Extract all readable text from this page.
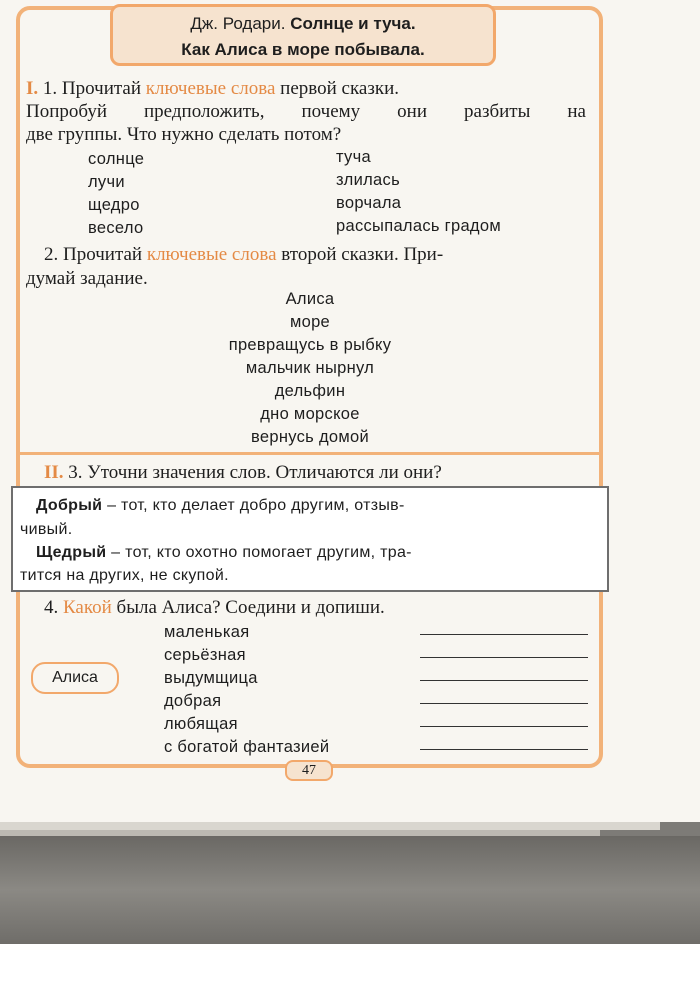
Дж. Родари. Солнце и туча.
Как Алиса в море побывала.
I. 1. Прочитай ключевые слова первой сказки.
Попробуй предположить, почему они разбиты на
две группы. Что нужно сделать потом?
солнце
лучи
щедро
весело
туча
злилась
ворчала
рассыпалась градом
2. Прочитай ключевые слова второй сказки. При-
думай задание.
Алиса
море
превращусь в рыбку
мальчик нырнул
дельфин
дно морское
вернусь домой
II. 3. Уточни значения слов. Отличаются ли они?
Добрый – тот, кто делает добро другим, отзыв-
чивый.
Щедрый – тот, кто охотно помогает другим, тра-
тится на других, не скупой.
4. Какой была Алиса? Соедини и допиши.
Алиса
маленькая
серьёзная
выдумщица
добрая
любящая
с богатой фантазией
47
